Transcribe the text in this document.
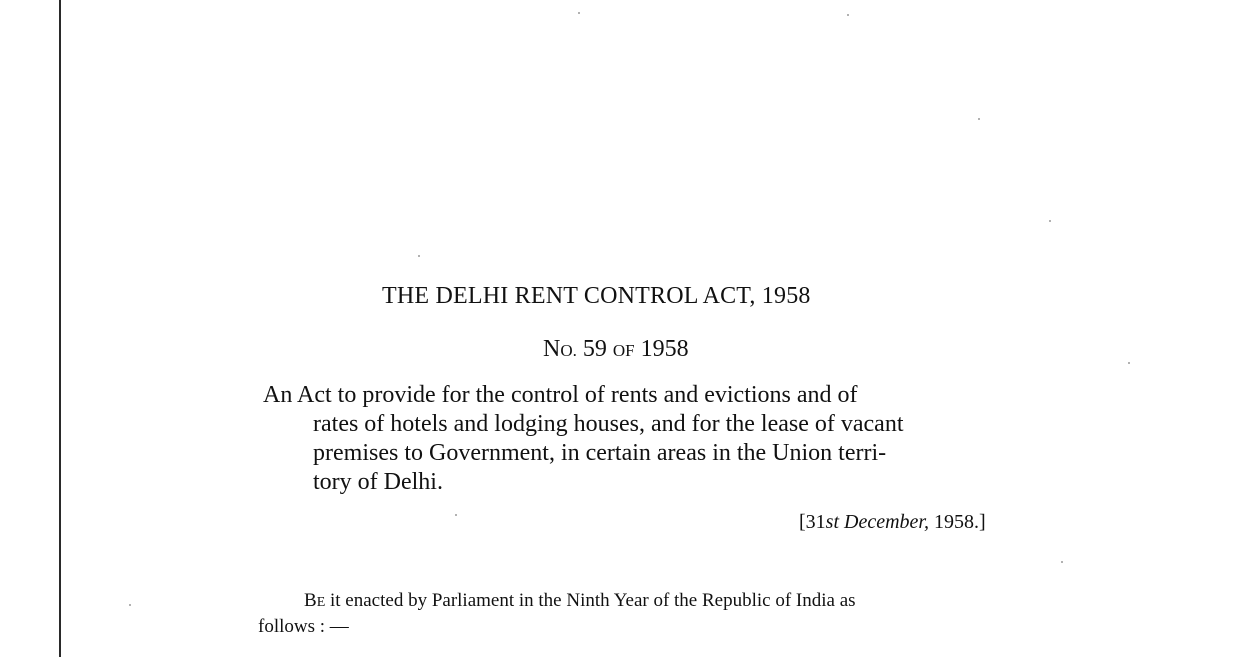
THE DELHI RENT CONTROL ACT, 1958
NO. 59 OF 1958
An Act to provide for the control of rents and evictions and of
rates of hotels and lodging houses, and for the lease of vacant
premises to Government, in certain areas in the Union terri-
tory of Delhi.
[31st December, 1958.]
BE it enacted by Parliament in the Ninth Year of the Republic of India as
follows : —
